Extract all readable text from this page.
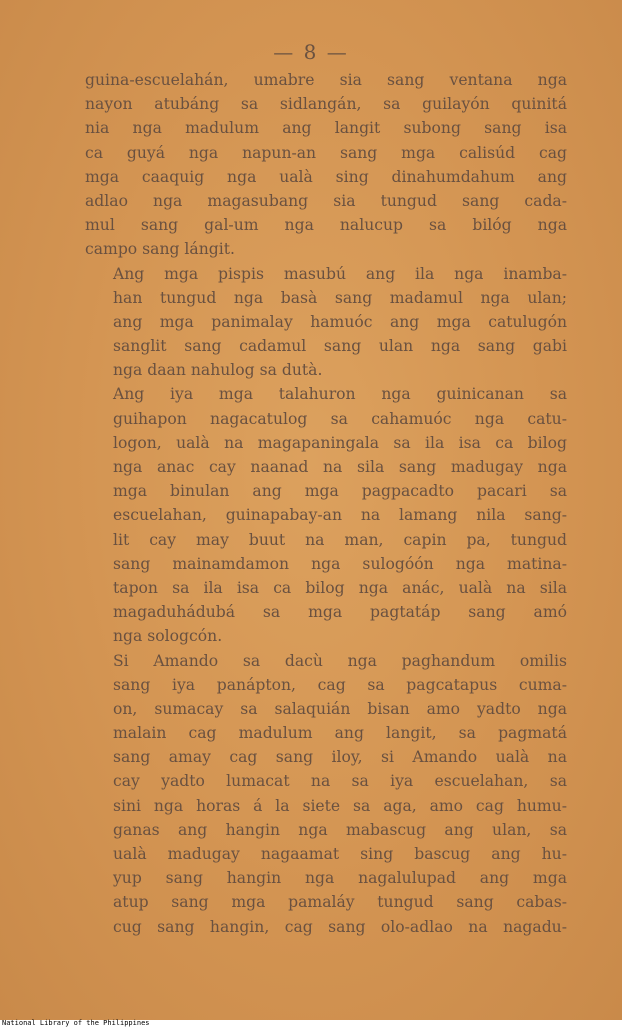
— 8 —

guina-escuelahán, umabre sia sang ventana nga
nayon atubáng sa sidlangán, sa guilayón quinitá
nia nga madulum ang langit subong sang isa
ca guyá nga napun-an sang mga calisúd cag
mga caaquig nga ualà sing dinahumdahum ang
adlao nga magasubang sia tungud sang cada-
mul sang gal-um nga nalucup sa bilóg nga
campo sang lángit.

Ang mga pispis masubú ang ila nga inamba-
han tungud nga basà sang madamul nga ulan;
ang mga panimalay hamuóc ang mga catulugón
sanglit sang cadamul sang ulan nga sang gabi
nga daan nahulog sa dutà.

Ang iya mga talahuron nga guinicanan sa
guihapon nagacatulog sa cahamuóc nga catu-
logon, ualà na magapaningala sa ila isa ca bilog
nga anac cay naanad na sila sang madugay nga
mga binulan ang mga pagpacadto pacari sa
escuelahan, guinapabay-an na lamang nila sang-
lit cay may buut na man, capin pa, tungud
sang mainamdamon nga sulogóón nga matina-
tapon sa ila isa ca bilog nga anác, ualà na sila
magaduhádubá sa mga pagtatáp sang amó
nga sologcón.

Si Amando sa dacù nga paghandum omilis
sang iya panápton, cag sa pagcatapus cuma-
on, sumacay sa salaquián bisan amo yadto nga
malain cag madulum ang langit, sa pagmatá
sang amay cag sang iloy, si Amando ualà na
cay yadto lumacat na sa iya escuelahan, sa
sini nga horas á la siete sa aga, amo cag humu-
ganas ang hangin nga mabascug ang ulan, sa
ualà madugay nagaamat sing bascug ang hu-
yup sang hangin nga nagalulupad ang mga
atup sang mga pamaláy tungud sang cabas-
cug sang hangin, cag sang olo-adlao na nagadu-

National Library of the Philippines
